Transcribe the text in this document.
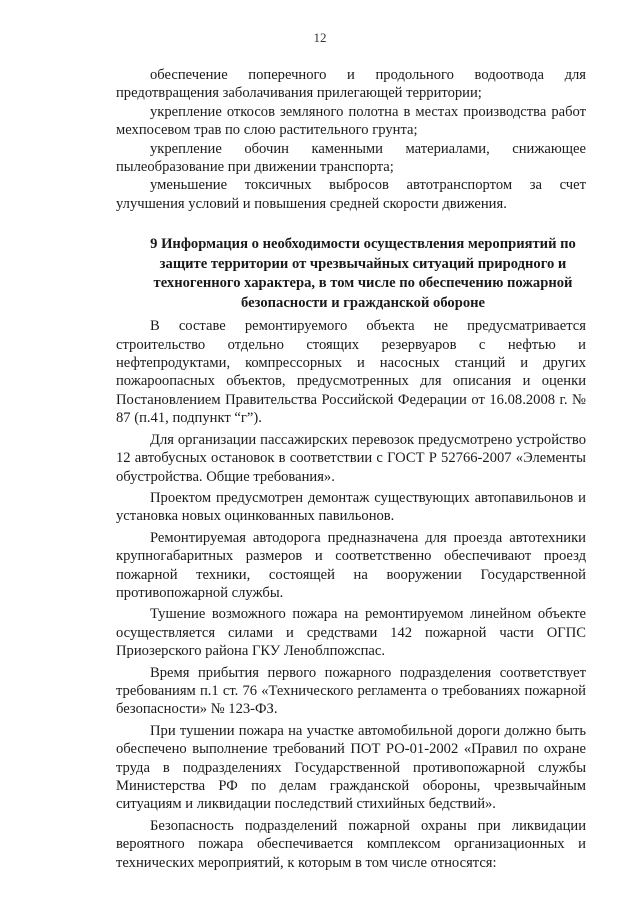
12

обеспечение поперечного и продольного водоотвода для предотвращения заболачивания прилегающей территории;

укрепление откосов земляного полотна в местах производства работ мехпосевом трав по слою растительного грунта;

укрепление обочин каменными материалами, снижающее пылеобразование при движении транспорта;

уменьшение токсичных выбросов автотранспортом за счет улучшения условий и повышения средней скорости движения.

9 Информация о необходимости осуществления мероприятий по защите территории от чрезвычайных ситуаций природного и техногенного характера, в том числе по обеспечению пожарной безопасности и гражданской обороне

В составе ремонтируемого объекта не предусматривается строительство отдельно стоящих резервуаров с нефтью и нефтепродуктами, компрессорных и насосных станций и других пожароопасных объектов, предусмотренных для описания и оценки Постановлением Правительства Российской Федерации от 16.08.2008 г. № 87 (п.41, подпункт “г”).

Для организации пассажирских перевозок предусмотрено устройство 12 автобусных остановок в соответствии с ГОСТ Р 52766-2007 «Элементы обустройства. Общие требования».

Проектом предусмотрен демонтаж существующих автопавильонов и установка новых оцинкованных павильонов.

Ремонтируемая автодорога предназначена для проезда автотехники крупногабаритных размеров и соответственно обеспечивают проезд пожарной техники, состоящей на вооружении Государственной противопожарной службы.

Тушение возможного пожара на ремонтируемом линейном объекте осуществляется силами и средствами 142 пожарной части ОГПС Приозерского района ГКУ Леноблпожспас.

Время прибытия первого пожарного подразделения соответствует требованиям п.1 ст. 76 «Технического регламента о требованиях пожарной безопасности» № 123-ФЗ.

При тушении пожара на участке автомобильной дороги должно быть обеспечено выполнение требований ПОТ РО-01-2002 «Правил по охране труда в подразделениях Государственной противопожарной службы Министерства РФ по делам гражданской обороны, чрезвычайным ситуациям и ликвидации последствий стихийных бедствий».

Безопасность подразделений пожарной охраны при ликвидации вероятного пожара обеспечивается комплексом организационных и технических мероприятий, к которым в том числе относятся:
